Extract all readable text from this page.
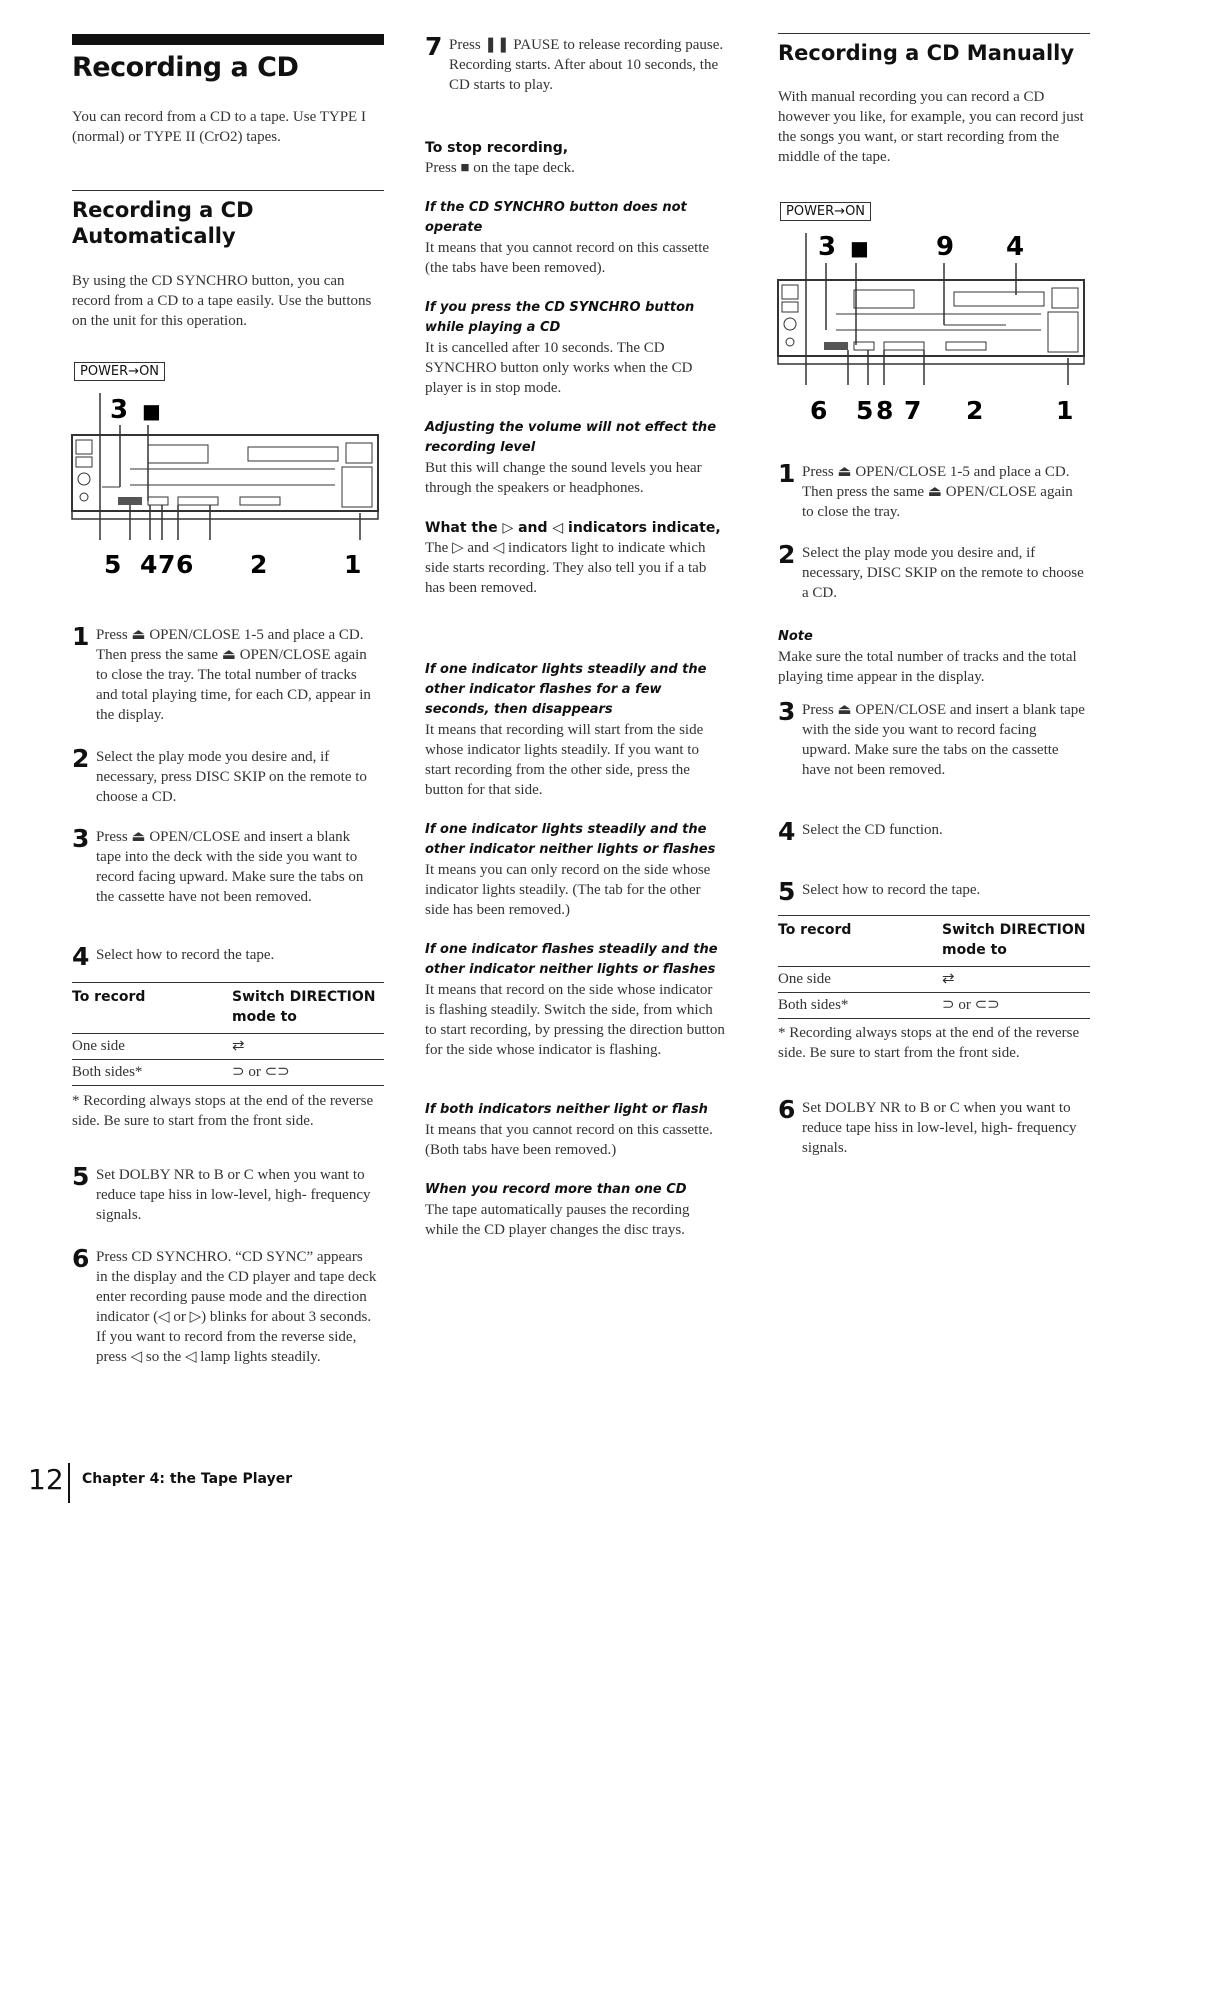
Recording a CD
You can record from a CD to a tape. Use TYPE I (normal) or TYPE II (CrO2) tapes.
Recording a CD Automatically
By using the CD SYNCHRO button, you can record from a CD to a tape easily. Use the buttons on the unit for this operation.
POWER→ON
3 ■
5 4 7 6 2	1
1 Press ⏏ OPEN/CLOSE 1-5 and place a CD. Then press the same ⏏ OPEN/CLOSE again to close the tray. The total number of tracks and total playing time, for each CD, appear in the display.
2 Select the play mode you desire and, if necessary, press DISC SKIP on the remote to choose a CD.
3 Press ⏏ OPEN/CLOSE and insert a blank tape into the deck with the side you want to record facing upward. Make sure the tabs on the cassette have not been removed.
4 Select how to record the tape.
To record	Switch DIRECTION mode to
One side	⇄
Both sides*	⊃ or ⊂⊃
* Recording always stops at the end of the reverse side. Be sure to start from the front side.
5 Set DOLBY NR to B or C when you want to reduce tape hiss in low-level, high- frequency signals.
6 Press CD SYNCHRO. “CD SYNC” appears in the display and the CD player and tape deck enter recording pause mode and the direction indicator (◁ or ▷) blinks for about 3 seconds. If you want to record from the reverse side, press ◁ so the ◁ lamp lights steadily.
7 Press ❚❚ PAUSE to release recording pause. Recording starts. After about 10 seconds, the CD starts to play.
To stop recording,
Press ■ on the tape deck.
If the CD SYNCHRO button does not operate
It means that you cannot record on this cassette (the tabs have been removed).
If you press the CD SYNCHRO button while playing a CD
It is cancelled after 10 seconds. The CD SYNCHRO button only works when the CD player is in stop mode.
Adjusting the volume will not effect the recording level
But this will change the sound levels you hear through the speakers or headphones.
What the ▷ and ◁ indicators indicate,
The ▷ and ◁ indicators light to indicate which side starts recording. They also tell you if a tab has been removed.
If one indicator lights steadily and the other indicator flashes for a few seconds, then disappears
It means that recording will start from the side whose indicator lights steadily. If you want to start recording from the other side, press the button for that side.
If one indicator lights steadily and the other indicator neither lights or flashes
It means you can only record on the side whose indicator lights steadily. (The tab for the other side has been removed.)
If one indicator flashes steadily and the other indicator neither lights or flashes
It means that record on the side whose indicator is flashing steadily. Switch the side, from which to start recording, by pressing the direction button for the side whose indicator is flashing.
If both indicators neither light or flash
It means that you cannot record on this cassette. (Both tabs have been removed.)
When you record more than one CD
The tape automatically pauses the recording while the CD player changes the disc trays.
Recording a CD Manually
With manual recording you can record a CD however you like, for example, you can record just the songs you want, or start recording from the middle of the tape.
POWER→ON
3 ■	9 4
6 5 8 7 2	1
1 Press ⏏ OPEN/CLOSE 1-5 and place a CD. Then press the same ⏏ OPEN/CLOSE again to close the tray.
2 Select the play mode you desire and, if necessary, DISC SKIP on the remote to choose a CD.
Note
Make sure the total number of tracks and the total playing time appear in the display.
3 Press ⏏ OPEN/CLOSE and insert a blank tape with the side you want to record facing upward. Make sure the tabs on the cassette have not been removed.
4 Select the CD function.
5 Select how to record the tape.
To record	Switch DIRECTION mode to
One side	⇄
Both sides*	⊃ or ⊂⊃
* Recording always stops at the end of the reverse side. Be sure to start from the front side.
6 Set DOLBY NR to B or C when you want to reduce tape hiss in low-level, high- frequency signals.
12 Chapter 4: the Tape Player
